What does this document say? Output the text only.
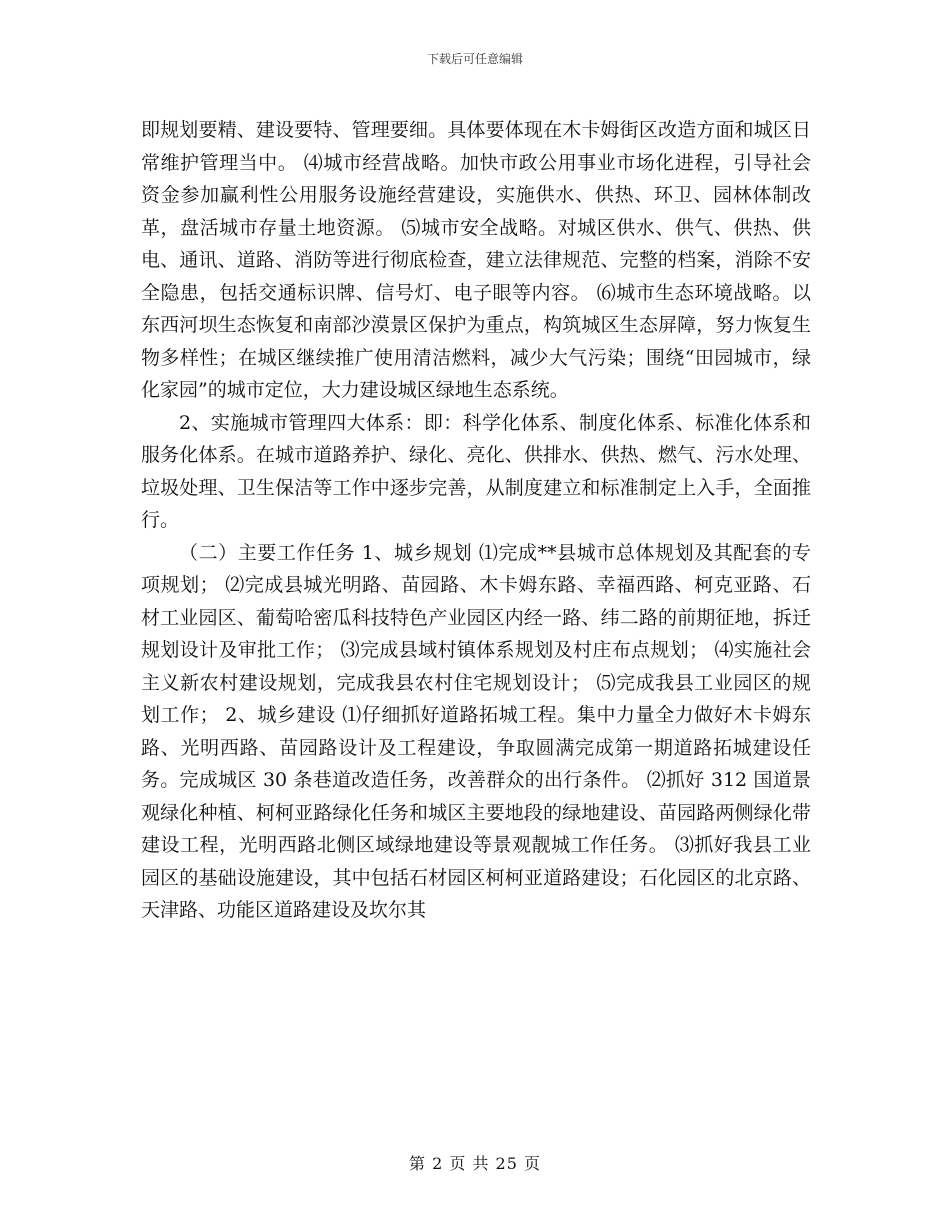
下载后可任意编辑

即规划要精、建设要特、管理要细。具体要体现在木卡姆街区改造方面和城区日常维护管理当中。 ⑷城市经营战略。加快市政公用事业市场化进程，引导社会资金参加赢利性公用服务设施经营建设，实施供水、供热、环卫、园林体制改革，盘活城市存量土地资源。 ⑸城市安全战略。对城区供水、供气、供热、供电、通讯、道路、消防等进行彻底检查，建立法律规范、完整的档案，消除不安全隐患，包括交通标识牌、信号灯、电子眼等内容。 ⑹城市生态环境战略。以东西河坝生态恢复和南部沙漠景区保护为重点，构筑城区生态屏障，努力恢复生物多样性；在城区继续推广使用清洁燃料，减少大气污染；围绕“田园城市，绿化家园”的城市定位，大力建设城区绿地生态系统。

2、实施城市管理四大体系：即：科学化体系、制度化体系、标准化体系和服务化体系。在城市道路养护、绿化、亮化、供排水、供热、燃气、污水处理、垃圾处理、卫生保洁等工作中逐步完善，从制度建立和标准制定上入手，全面推行。

（二）主要工作任务 1、城乡规划 ⑴完成**县城市总体规划及其配套的专项规划； ⑵完成县城光明路、苗园路、木卡姆东路、幸福西路、柯克亚路、石材工业园区、葡萄哈密瓜科技特色产业园区内经一路、纬二路的前期征地，拆迁规划设计及审批工作； ⑶完成县域村镇体系规划及村庄布点规划； ⑷实施社会主义新农村建设规划，完成我县农村住宅规划设计； ⑸完成我县工业园区的规划工作； 2、城乡建设 ⑴仔细抓好道路拓城工程。集中力量全力做好木卡姆东路、光明西路、苗园路设计及工程建设，争取圆满完成第一期道路拓城建设任务。完成城区 30 条巷道改造任务，改善群众的出行条件。 ⑵抓好 312 国道景观绿化种植、柯柯亚路绿化任务和城区主要地段的绿地建设、苗园路两侧绿化带建设工程，光明西路北侧区域绿地建设等景观靓城工作任务。 ⑶抓好我县工业园区的基础设施建设，其中包括石材园区柯柯亚道路建设；石化园区的北京路、天津路、功能区道路建设及坎尔其

第 2 页 共 25 页
